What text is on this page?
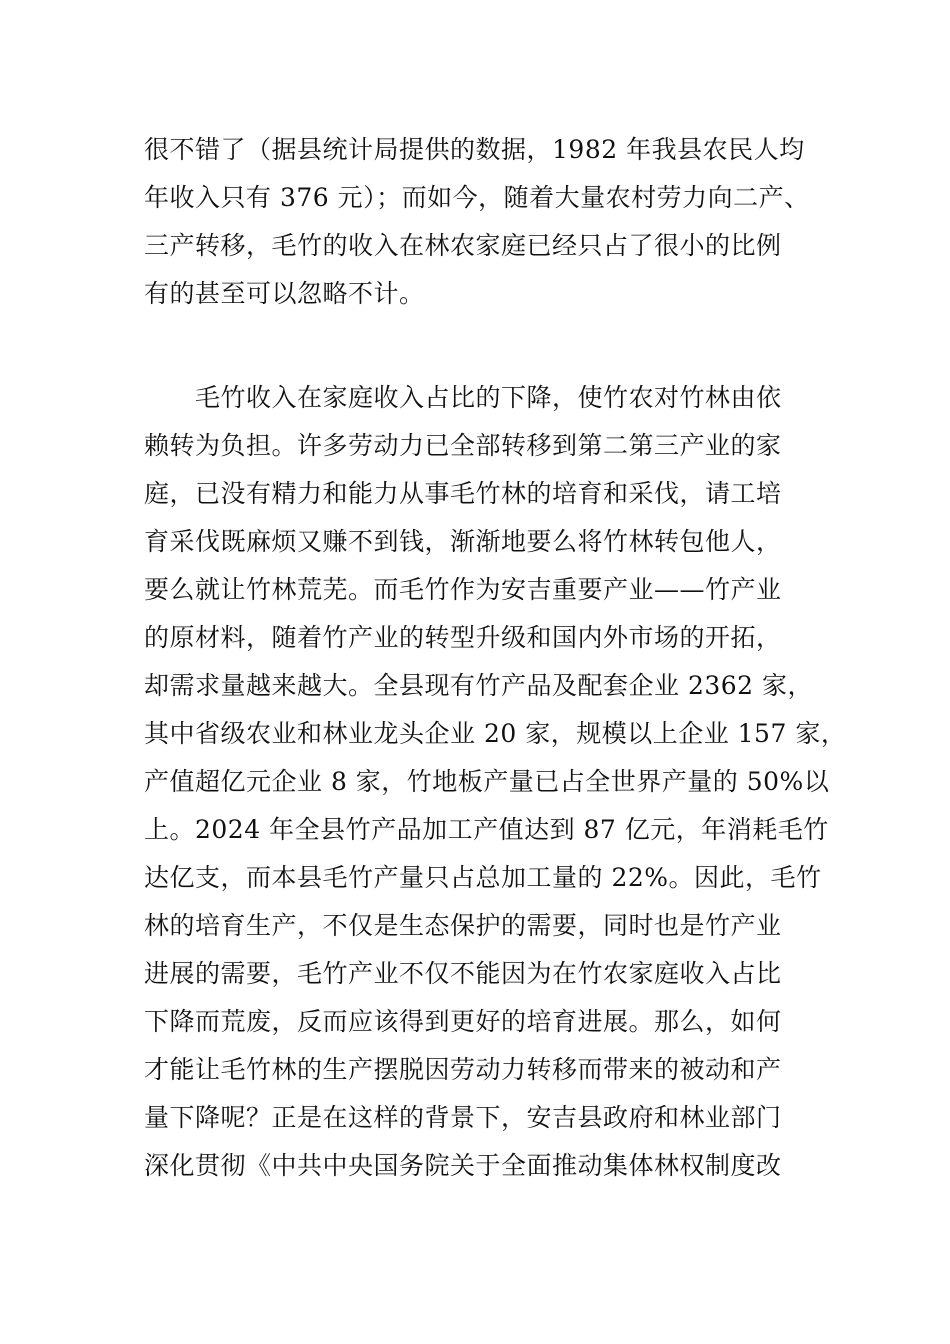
很不错了（据县统计局提供的数据，1982 年我县农民人均
年收入只有 376 元）；而如今，随着大量农村劳力向二产、
三产转移，毛竹的收入在林农家庭已经只占了很小的比例
有的甚至可以忽略不计。
　　毛竹收入在家庭收入占比的下降，使竹农对竹林由依
赖转为负担。许多劳动力已全部转移到第二第三产业的家
庭，已没有精力和能力从事毛竹林的培育和采伐，请工培
育采伐既麻烦又赚不到钱，渐渐地要么将竹林转包他人，
要么就让竹林荒芜。而毛竹作为安吉重要产业——竹产业
的原材料，随着竹产业的转型升级和国内外市场的开拓，
却需求量越来越大。全县现有竹产品及配套企业 2362 家，
其中省级农业和林业龙头企业 20 家，规模以上企业 157 家，
产值超亿元企业 8 家，竹地板产量已占全世界产量的 50%以
上。2024 年全县竹产品加工产值达到 87 亿元，年消耗毛竹
达亿支，而本县毛竹产量只占总加工量的 22%。因此，毛竹
林的培育生产，不仅是生态保护的需要，同时也是竹产业
进展的需要，毛竹产业不仅不能因为在竹农家庭收入占比
下降而荒废，反而应该得到更好的培育进展。那么，如何
才能让毛竹林的生产摆脱因劳动力转移而带来的被动和产
量下降呢？正是在这样的背景下，安吉县政府和林业部门
深化贯彻《中共中央国务院关于全面推动集体林权制度改
